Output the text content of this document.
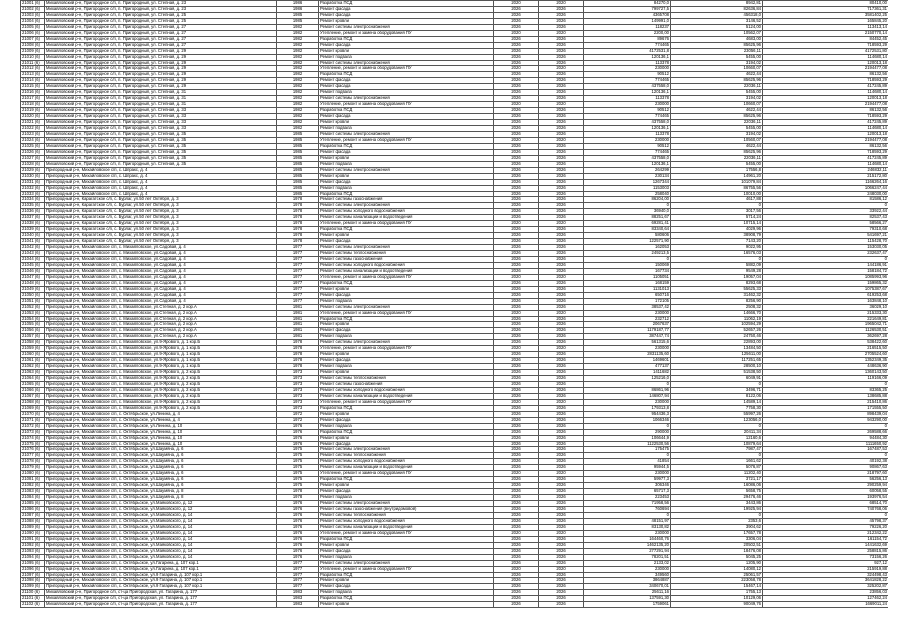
21001 (6)	Михайловский р-н, Пригородное с/п, п. Пригородный, ул. Степная, д. 23	1986	Разработка ПСД	2020	2020	84270,0	8942,81	80410,00
21002 (6)	Михайловский р-н, Пригородное с/п, п. Пригородный, ул. Степная, д. 23	1986	Ремонт фасада	2026	2026	799727,5	82636,84	717361,31
21003 (6)	Михайловский р-н, Пригородное с/п, п. Пригородный, ул. Степная, д. 25	1985	Ремонт фасада	2026	2026	4365708	456318,0	3581402,25
21004 (6)	Михайловский р-н, Пригородное с/п, п. Пригородный, ул. Степная, д. 25	1985	Ремонт кровли	2026	2026	149991,0	3146,52	165845,20
21005 (6)	Михайловский р-н, Пригородное с/п, п. Пригородный, ул. Степная, д. 27	1982	Ремонт системы электроснабжения	2026	2026	118237	5124,00	113413,14
21006 (6)	Михайловский р-н, Пригородное с/п, п. Пригородный, ул. Степная, д. 27	1982	Утепление, ремонт и замена оборудования ПУ	2020	2020	2200,00	10562,07	2150770,14
21007 (6)	Михайловский р-н, Пригородное с/п, п. Пригородный, ул. Степная, д. 27	1982	Разработка ПСД	2026	2026	89676	4683,00	84452,45
21008 (6)	Михайловский р-н, Пригородное с/п, п. Пригородный, ул. Степная, д. 27	1982	Ремонт фасада	2026	2026	774465	85625,96	718593,29
21009 (6)	Михайловский р-н, Пригородное с/п, п. Пригородный, ул. Степная, д. 29	1982	Ремонт кровли	2026	2026	4172531,8	23056,11	4172531,80
21010 (6)	Михайловский р-н, Пригородное с/п, п. Пригородный, ул. Степная, д. 29	1982	Ремонт подвала	2026	2026	120136,1	5455,00	114680,14
21011 (6)	Михайловский р-н, Пригородное с/п, п. Пригородный, ул. Степная, д. 29	1982	Ремонт системы электроснабжения	2026	2026	113378	3194,02	120013,18
21012 (6)	Михайловский р-н, Пригородное с/п, п. Пригородный, ул. Степная, д. 29	1982	Утепление, ремонт и замена оборудования ПУ	2020	2020	230000	10660,07	2194477,08
21013 (6)	Михайловский р-н, Пригородное с/п, п. Пригородный, ул. Степная, д. 29	1982	Разработка ПСД	2026	2026	90512	4622,44	86132,56
21014 (6)	Михайловский р-н, Пригородное с/п, п. Пригородный, ул. Степная, д. 29	1982	Ремонт фасада	2026	2026	774465	85625,96	718593,29
21015 (6)	Михайловский р-н, Пригородное с/п, п. Пригородный, ул. Степная, д. 29	1982	Ремонт фасада	2026	2026	437558,0	22036,11	417245,89
21016 (6)	Михайловский р-н, Пригородное с/п, п. Пригородный, ул. Степная, д. 31	1982	Ремонт подвала	2026	2026	120136,1	5455,00	114680,14
21017 (6)	Михайловский р-н, Пригородное с/п, п. Пригородный, ул. Степная, д. 31	1982	Ремонт системы электроснабжения	2026	2026	113378	3194,02	120013,18
21018 (6)	Михайловский р-н, Пригородное с/п, п. Пригородный, ул. Степная, д. 31	1982	Утепление, ремонт и замена оборудования ПУ	2020	2020	230000	10660,07	2194477,08
21019 (6)	Михайловский р-н, Пригородное с/п, п. Пригородный, ул. Степная, д. 33	1982	Разработка ПСД	2026	2026	90512	4622,44	86132,56
21020 (6)	Михайловский р-н, Пригородное с/п, п. Пригородный, ул. Степная, д. 33	1982	Ремонт фасада	2026	2026	774465	85625,96	718593,29
21021 (6)	Михайловский р-н, Пригородное с/п, п. Пригородный, ул. Степная, д. 33	1982	Ремонт кровли	2026	2026	437558,0	22036,11	417245,89
21022 (6)	Михайловский р-н, Пригородное с/п, п. Пригородный, ул. Степная, д. 33	1982	Ремонт подвала	2026	2026	120136,1	5455,00	114680,14
21023 (6)	Михайловский р-н, Пригородное с/п, п. Пригородный, ул. Степная, д. 35	1985	Ремонт системы электроснабжения	2026	2026	113378	3194,02	120013,18
21024 (6)	Михайловский р-н, Пригородное с/п, п. Пригородный, ул. Степная, д. 35	1985	Утепление, ремонт и замена оборудования ПУ	2020	2020	230000	10560,07	2194477,08
21025 (6)	Михайловский р-н, Пригородное с/п, п. Пригородный, ул. Степная, д. 35	1985	Разработка ПСД	2026	2026	90512	4622,44	86132,56
21026 (6)	Михайловский р-н, Пригородное с/п, п. Пригородный, ул. Степная, д. 35	1985	Ремонт фасада	2026	2026	774465	85625,96	718593,29
21027 (6)	Михайловский р-н, Пригородное с/п, п. Пригородный, ул. Степная, д. 35	1985	Ремонт кровли	2026	2026	437558,0	22036,11	417245,89
21028 (6)	Михайловский р-н, Пригородное с/п, п. Пригородный, ул. Степная, д. 35	1985	Ремонт подвала	2026	2026	120136,1	5455,00	114680,14
21029 (6)	Пригородный р-н, Михайловское с/п, с. Шпракс, д. 4	1985	Ремонт системы электроснабжения	2026	2026	264299	17556,8	246832,11
21030 (6)	Пригородный р-н, Михайловское с/п, с. Шпракс, д. 4	1985	Ремонт кровли	2026	2026	230134	14961,20	215172,80
21031 (6)	Пригородный р-н, Михайловское с/п, с. Шпракс, д. 4	1985	Ремонт фасада	2026	2026	1267344	101079,84	1166264,16
21032 (6)	Пригородный р-н, Михайловское с/п, с. Шпракс, д. 4	1985	Ремонт подвала	2026	2026	1153003	86755,56	1066247,44
21033 (6)	Пригородный р-н, Михайловское с/п, с. Шпракс, д. 4	1985	Разработка ПСД	2026	2026	258040	10010,00	248030,00
21034 (6)	Пригородный р-н, Карагатское с/п, с. Бурлаг, ул.50 лет Октября, д. 3	1978	Ремонт системы газоснабжения	2026	2026	86204,00	4617,88	81586,12
21035 (6)	Пригородный р-н, Карагатское с/п, с. Бурлаг, ул.50 лет Октября, д. 3	1978	Ремонт системы электроснабжения	2026	2026	0	0	0
21036 (6)	Пригородный р-н, Карагатское с/п, с. Бурлаг, ул.50 лет Октября, д. 3	1978	Ремонт системы холодного водоснабжения	2026	2026	36940,0	3017,56	33922,44
21037 (6)	Пригородный р-н, Карагатское с/п, с. Бурлаг, ул.50 лет Октября, д. 3	1978	Ремонт системы канализации и водоотведения	2026	2026	88251,67	5714,24	82537,43
21038 (6)	Пригородный р-н, Карагатское с/п, с. Бурлаг, ул.50 лет Октября, д. 3	1978	Утепление, ремонт и замена оборудования ПУ	2020	2020	69281,41	10715,14	58566,27
21039 (6)	Пригородный р-н, Карагатское с/п, с. Бурлаг, ул.50 лет Октября, д. 3	1978	Разработка ПСД	2026	2026	83340,64	4029,96	79310,68
21040 (6)	Пригородный р-н, Карагатское с/п, с. Бурлаг, ул.50 лет Октября, д. 3	1978	Ремонт кровли	2026	2026	580606	38908,79	541697,21
21041 (6)	Пригородный р-н, Карагатское с/п, с. Бурлаг, ул.50 лет Октября, д. 3	1978	Ремонт фасада	2026	2026	122571,90	7143,20	115428,70
21042 (6)	Пригородный р-н, Михайловское с/п, с. Михайловское, ул.Садовая, д. 4	1977	Ремонт системы электроснабжения	2026	2026	162053	9022,95	153030,05
21043 (6)	Пригородный р-н, Михайловское с/п, с. Михайловское, ул.Садовая, д. 4	1977	Ремонт системы теплоснабжения	2026	2026	249213,5	16576,03	232637,47
21044 (6)	Пригородный р-н, Михайловское с/п, с. Михайловское, ул.Садовая, д. 4	1977	Ремонт системы газоснабжения	2026	2026	0	0	0
21045 (6)	Пригородный р-н, Михайловское с/п, с. Михайловское, ул.Садовая, д. 4	1977	Ремонт системы холодного водоснабжения	2026	2026	150069	5882,09	144186,91
21046 (6)	Пригородный р-н, Михайловское с/п, с. Михайловское, ул.Садовая, д. 4	1977	Ремонт системы канализации и водоотведения	2026	2026	167734	9549,28	158184,72
21047 (6)	Пригородный р-н, Михайловское с/п, с. Михайловское, ул.Садовая, д. 4	1977	Утепление, ремонт и замена оборудования ПУ	2020	2020	1105051	19057,04	1085993,96
21048 (6)	Пригородный р-н, Михайловское с/п, с. Михайловское, ул.Садовая, д. 4	1977	Разработка ПСД	2026	2026	168159	8293,68	159865,32
21049 (6)	Пригородный р-н, Михайловское с/п, с. Михайловское, ул.Садовая, д. 4	1977	Ремонт кровли	2026	2026	1131013	55625,33	1075387,67
21050 (6)	Пригородный р-н, Михайловское с/п, с. Михайловское, ул.Садовая, д. 4	1977	Ремонт фасада	2026	2026	650716	31462,32	619253,68
21051 (6)	Пригородный р-н, Михайловское с/п, с. Михайловское, ул.Садовая, д. 4	1977	Ремонт подвала	2026	2026	172105	8256,90	163848,10
21052 (6)	Пригородный р-н, Михайловское с/п, с. Михайловское, ул.Степная, д. 2 кор.А	1981	Ремонт системы электроснабжения	2026	2026	38537,42	2508,32	36029,10
21053 (6)	Пригородный р-н, Михайловское с/п, с. Михайловское, ул.Степная, д. 2 кор.А	1981	Утепление, ремонт и замена оборудования ПУ	2020	2020	230000	14666,70	215333,30
21054 (6)	Пригородный р-н, Михайловское с/п, с. Михайловское, ул.Степная, д. 2 кор.А	1981	Разработка ПСД	2026	2026	232712	11062,19	221649,81
21055 (6)	Пригородный р-н, Михайловское с/п, с. Михайловское, ул.Степная, д. 2 кор.А	1981	Ремонт кровли	2026	2026	2067637	102594,29	1965042,71
21056 (6)	Пригородный р-н, Михайловское с/п, с. Михайловское, ул.Степная, д. 2 кор.А	1981	Ремонт фасада	2026	2026	1179187,77	52657,26	1126530,51
21057 (6)	Пригородный р-н, Михайловское с/п, с. Михайловское, ул.Степная, д. 2 кор.А	1981	Ремонт подвала	2026	2026	387447,74	24750,46	362697,28
21058 (6)	Пригородный р-н, Михайловское с/п, с. Михайловское, ул.9-Ярового, д. 1 кор.Б	1978	Ремонт системы электроснабжения	2026	2026	561315,6	22893,00	538422,60
21059 (6)	Пригородный р-н, Михайловское с/п, с. Михайловское, ул.9-Ярового, д. 1 кор.Б	1978	Утепление, ремонт и замена оборудования ПУ	2020	2020	230000	13484,50	216515,50
21060 (6)	Пригородный р-н, Михайловское с/п, с. Михайловское, ул.9-Ярового, д. 1 кор.Б	1978	Ремонт кровли	2026	2026	2831135,60	125611,00	2705524,60
21061 (6)	Пригородный р-н, Михайловское с/п, с. Михайловское, ул.9-Ярового, д. 1 кор.Б	1978	Ремонт фасада	2026	2026	1469601	117251,65	1352349,35
21062 (6)	Пригородный р-н, Михайловское с/п, с. Михайловское, ул.9-Ярового, д. 1 кор.Б	1978	Ремонт подвала	2026	2026	477137	28500,10	448636,90
21063 (6)	Пригородный р-н, Михайловское с/п, с. Михайловское, ул.9-Ярового, д. 2 кор.Б	1973	Ремонт кровли	2026	2026	1411682	51538,50	1360143,50
21064 (6)	Пригородный р-н, Михайловское с/п, с. Михайловское, ул.9-Ярового, д. 2 кор.Б	1973	Ремонт системы теплоснабжения	2026	2026	125216,0	6049,91	119166,09
21065 (6)	Пригородный р-н, Михайловское с/п, с. Михайловское, ул.9-Ярового, д. 2 кор.Б	1973	Ремонт системы газоснабжения	2026	2026	0	0	0
21066 (6)	Пригородный р-н, Михайловское с/п, с. Михайловское, ул.9-Ярового, д. 2 кор.Б	1973	Ремонт системы холодного водоснабжения	2026	2026	86861,96	3496,71	83365,25
21067 (6)	Пригородный р-н, Михайловское с/п, с. Михайловское, ул.9-Ярового, д. 2 кор.Б	1973	Ремонт системы канализации и водоотведения	2026	2026	146807,94	8122,06	138685,88
21068 (6)	Пригородный р-н, Михайловское с/п, с. Михайловское, ул.9-Ярового, д. 2 кор.Б	1973	Утепление, ремонт и замена оборудования ПУ	2020	2020	230000	14589,14	215410,86
21069 (6)	Пригородный р-н, Михайловское с/п, с. Михайловское, ул.9-Ярового, д. 2 кор.Б	1973	Разработка ПСД	2026	2026	179313,8	7758,30	171555,50
21070 (6)	Пригородный р-н, Михайловское с/п, с. Октябрьское, ул.Ленина, д. 4	1972	Ремонт кровли	2026	2026	954436,3	55997,26	898439,04
21071 (6)	Пригородный р-н, Михайловское с/п, с. Октябрьское, ул.Ленина, д. 4	1972	Ремонт фасада	2026	2026	1066346	123056,0	943290,00
21072 (6)	Пригородный р-н, Михайловское с/п, с. Октябрьское, ул.Ленина, д. 10	1976	Ремонт подвала	2026	2026	0	0	0
21073 (6)	Пригородный р-н, Михайловское с/п, с. Октябрьское, ул.Ленина, д. 10	1976	Разработка ПСД	2026	2026	290000	20411,34	269588,66
21074 (6)	Пригородный р-н, Михайловское с/п, с. Октябрьское, ул.Ленина, д. 10	1976	Ремонт кровли	2026	2026	106644,9	12160,6	94484,30
21075 (6)	Пригородный р-н, Михайловское с/п, с. Октябрьское, ул.Ленина, д. 10	1976	Ремонт фасада	2026	2026	1122530,56	10879,64	1111650,92
21076 (6)	Пригородный р-н, Михайловское с/п, с. Октябрьское, ул.Шаумяна, д. 6	1975	Ремонт системы электроснабжения	2026	2026	175475	7987,47	167487,53
21077 (6)	Пригородный р-н, Михайловское с/п, с. Октябрьское, ул.Шаумяна, д. 6	1975	Ремонт системы теплоснабжения	2026	2026	0	0	0
21078 (6)	Пригородный р-н, Михайловское с/п, с. Октябрьское, ул.Шаумяна, д. 6	1975	Ремонт системы холодного водоснабжения	2026	2026	41854	1661,62	40192,38
21079 (6)	Пригородный р-н, Михайловское с/п, с. Октябрьское, ул.Шаумяна, д. 6	1975	Ремонт системы канализации и водоотведения	2026	2026	95944,5	5076,87	90867,63
21080 (6)	Пригородный р-н, Михайловское с/п, с. Октябрьское, ул.Шаумяна, д. 6	1975	Утепление, ремонт и замена оборудования ПУ	2020	2020	230000	11202,40	218797,60
21081 (6)	Пригородный р-н, Михайловское с/п, с. Октябрьское, ул.Шаумяна, д. 6	1975	Разработка ПСД	2026	2026	59977,3	3721,17	56256,13
21082 (6)	Пригородный р-н, Михайловское с/п, с. Октябрьское, ул.Шаумяна, д. 6	1975	Ремонт кровли	2026	2026	306346	16086,06	290259,94
21083 (6)	Пригородный р-н, Михайловское с/п, с. Октябрьское, ул.Шаумяна, д. 8	1978	Ремонт фасада	2026	2026	65717,3	5658,75	60058,55
21084 (6)	Пригородный р-н, Михайловское с/п, с. Октябрьское, ул.Шаумяна, д. 8	1978	Ремонт подвала	2026	2026	223453	29476,46	193976,54
21085 (6)	Пригородный р-н, Михайловское с/п, с. Октябрьское, ул.Маяковского, д. 12	1976	Ремонт системы электроснабжения	2026	2026	71958,56	3443,86	68514,70
21086 (6)	Пригородный р-н, Михайловское с/п, с. Октябрьское, ул.Маяковского, д. 12	1976	Ремонт системы газоснабжения (внутридомовой)	2026	2026	760694	19925,94	740768,06
21087 (6)	Пригородный р-н, Михайловское с/п, с. Октябрьское, ул.Маяковского, д. 14	1976	Ремонт системы теплоснабжения	2026	2026	0	0	0
21088 (6)	Пригородный р-н, Михайловское с/п, с. Октябрьское, ул.Маяковского, д. 14	1976	Ремонт системы холодного водоснабжения	2026	2026	48151,97	2353,6	45798,37
21089 (6)	Пригородный р-н, Михайловское с/п, с. Октябрьское, ул.Маяковского, д. 14	1976	Ремонт системы канализации и водоотведения	2026	2026	83130,82	3904,62	79226,20
21090 (6)	Пригородный р-н, Михайловское с/п, с. Октябрьское, ул.Маяковского, д. 14	1976	Утепление, ремонт и замена оборудования ПУ	2020	2020	230000	17657,78	212342,22
21091 (6)	Пригородный р-н, Михайловское с/п, с. Октябрьское, ул.Маяковского, д. 14	1976	Разработка ПСД	2026	2026	164460,76	3306,04	161154,72
21092 (6)	Пригородный р-н, Михайловское с/п, с. Октябрьское, ул.Маяковского, д. 14	1976	Ремонт кровли	2026	2026	1462135,20	20502,51	1441632,69
21093 (6)	Пригородный р-н, Михайловское с/п, с. Октябрьское, ул.Маяковского, д. 14	1976	Ремонт фасада	2026	2026	277291,94	18476,08	258815,86
21094 (6)	Пригородный р-н, Михайловское с/п, с. Октябрьское, ул.Маяковского, д. 14	1976	Ремонт подвала	2026	2026	78201,51	5045,25	73156,26
21095 (6)	Пригородный р-н, Михайловское с/п, с. Октябрьское, ул.Гагарина, д. 107 кор.1	1977	Ремонт системы электроснабжения	2026	2026	2133,02	1205,90	927,12
21096 (6)	Пригородный р-н, Михайловское с/п, с. Октябрьское, ул.Гагарина, д. 107 кор.1	1977	Утепление, ремонт и замена оборудования ПУ	2020	2020	230000	14080,12	215919,88
21097 (6)	Пригородный р-н, Михайловское с/п, с. Октябрьское, ул.9 Гагарина, д. 107 кор.1	1977	Разработка ПСД	2026	2026	349560	25061,57	324498,43
21098 (6)	Пригородный р-н, Михайловское с/п, с. Октябрьское, ул.9 Гагарина, д. 107 кор.1	1977	Ремонт кровли	2026	2026	3864887	223058,78	3641828,22
21099 (6)	Пригородный р-н, Михайловское с/п, с. Октябрьское, ул.9 Гагарина, д. 107 кор.1	1977	Ремонт фасада	2026	2026	340670,01	15467,14	325202,87
21100 (6)	Михайловский р-н, Пригородное с/п, ст-ца Пригородская, ул. Гагарина, д. 177	1983	Ремонт подвала	2026	2026	25611,16	1755,13	23856,03
21101 (6)	Михайловский р-н, Пригородное с/п, ст-ца Пригородская, ул. Гагарина, д. 177	1983	Разработка ПСД	2026	2026	137591,30	10129,06	127462,24
21102 (6)	Михайловский р-н, Пригородное с/п, ст-ца Пригородская, ул. Гагарина, д. 177	1983	Ремонт кровли	2026	2026	1759061	90049,76	1669011,24
